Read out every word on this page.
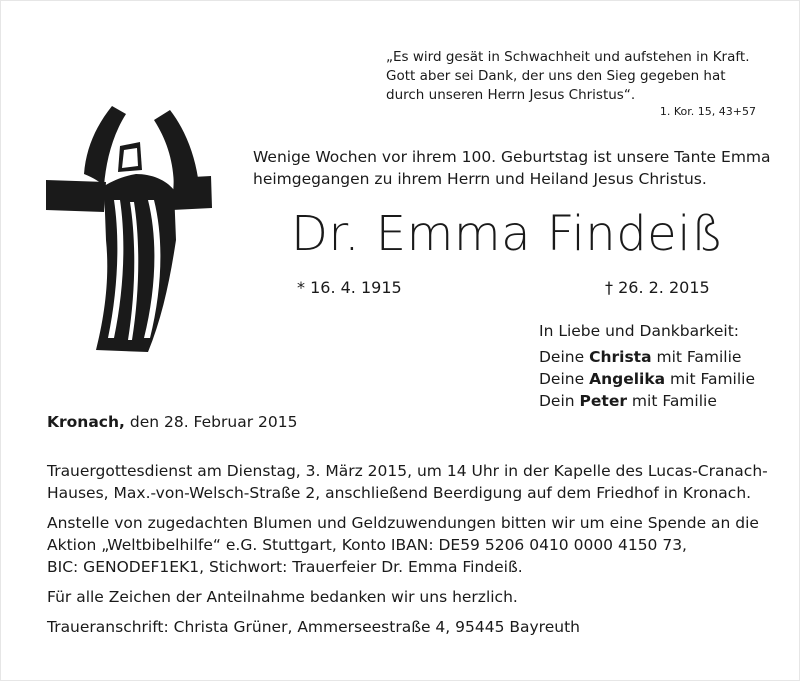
„Es wird gesät in Schwachheit und aufstehen in Kraft.
Gott aber sei Dank, der uns den Sieg gegeben hat
durch unseren Herrn Jesus Christus“.
1. Kor. 15, 43+57
Wenige Wochen vor ihrem 100. Geburtstag ist unsere Tante Emma
heimgegangen zu ihrem Herrn und Heiland Jesus Christus.
Dr. Emma Findeiß
* 16. 4. 1915	† 26. 2. 2015
In Liebe und Dankbarkeit:
Deine Christa mit Familie
Deine Angelika mit Familie
Dein Peter mit Familie
Kronach, den 28. Februar 2015
Trauergottesdienst am Dienstag, 3. März 2015, um 14 Uhr in der Kapelle des Lucas-Cranach-
Hauses, Max.-von-Welsch-Straße 2, anschließend Beerdigung auf dem Friedhof in Kronach.
Anstelle von zugedachten Blumen und Geldzuwendungen bitten wir um eine Spende an die
Aktion „Weltbibelhilfe“ e.G. Stuttgart, Konto IBAN: DE59 5206 0410 0000 4150 73,
BIC: GENODEF1EK1, Stichwort: Trauerfeier Dr. Emma Findeiß.
Für alle Zeichen der Anteilnahme bedanken wir uns herzlich.
Traueranschrift: Christa Grüner, Ammerseestraße 4, 95445 Bayreuth
